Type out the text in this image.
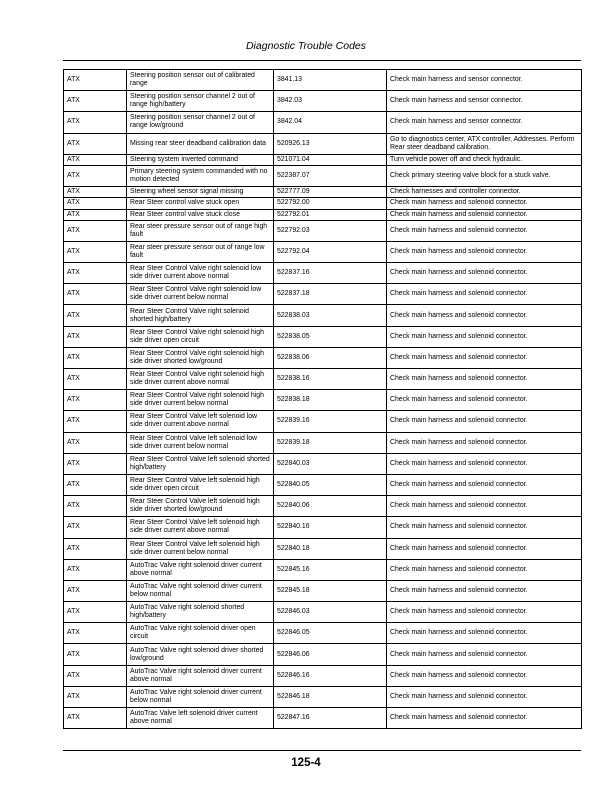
Diagnostic Trouble Codes
ATX	Steering position sensor out of calibrated range	3841.13	Check main harness and sensor connector.
ATX	Steering position sensor channel 2 out of range high/battery	3842.03	Check main harness and sensor connector.
ATX	Steering position sensor channel 2 out of range low/ground	3842.04	Check main harness and sensor connector.
ATX	Missing rear steer deadband calibration data	520926.13	Go to diagnostics center, ATX controller, Addresses. Perform Rear steer deadband calibration.
ATX	Steering system inverted command	521071.04	Turn vehicle power off and check hydraulic.
ATX	Primary steering system commanded with no motion detected	522387.07	Check primary steering valve block for a stuck valve.
ATX	Steering wheel sensor signal missing	522777.09	Check harnesses and controller connector.
ATX	Rear Steer control valve stuck open	522792.00	Check main harness and solenoid connector.
ATX	Rear Steer control valve stuck close	522792.01	Check main harness and solenoid connector.
ATX	Rear steer pressure sensor out of range high fault	522792.03	Check main harness and solenoid connector.
ATX	Rear steer pressure sensor out of range low fault	522792.04	Check main harness and solenoid connector.
ATX	Rear Steer Control Valve right solenoid low side driver current above normal	522837.16	Check main harness and solenoid connector.
ATX	Rear Steer Control Valve right solenoid low side driver current below normal	522837.18	Check main harness and solenoid connector.
ATX	Rear Steer Control Valve right solenoid shorted high/battery	522838.03	Check main harness and solenoid connector.
ATX	Rear Steer Control Valve right solenoid high side driver open circuit	522838.05	Check main harness and solenoid connector.
ATX	Rear Steer Control Valve right solenoid high side driver shorted low/ground	522838.06	Check main harness and solenoid connector.
ATX	Rear Steer Control Valve right solenoid high side driver current above normal	522838.16	Check main harness and solenoid connector.
ATX	Rear Steer Control Valve right solenoid high side driver current below normal	522838.18	Check main harness and solenoid connector.
ATX	Rear Steer Control Valve left solenoid low side driver current above normal	522839.16	Check main harness and solenoid connector.
ATX	Rear Steer Control Valve left solenoid low side driver current below normal	522839.18	Check main harness and solenoid connector.
ATX	Rear Steer Control Valve left solenoid shorted high/battery	522840.03	Check main harness and solenoid connector.
ATX	Rear Steer Control Valve left solenoid high side driver open circuit	522840.05	Check main harness and solenoid connector.
ATX	Rear Steer Control Valve left solenoid high side driver shorted low/ground	522840.06	Check main harness and solenoid connector.
ATX	Rear Steer Control Valve left solenoid high side driver current above normal	522840.16	Check main harness and solenoid connector.
ATX	Rear Steer Control Valve left solenoid high side driver current below normal	522840.18	Check main harness and solenoid connector.
ATX	AutoTrac Valve right solenoid driver current above normal	522845.16	Check main harness and solenoid connector.
ATX	AutoTrac Valve right solenoid driver current below normal	522845.18	Check main harness and solenoid connector.
ATX	AutoTrac Valve right solenoid shorted high/battery	522846.03	Check main harness and solenoid connector.
ATX	AutoTrac Valve right solenoid driver open circuit	522846.05	Check main harness and solenoid connector.
ATX	AutoTrac Valve right solenoid driver shorted low/ground	522846.06	Check main harness and solenoid connector.
ATX	AutoTrac Valve right solenoid driver current above normal	522846.16	Check main harness and solenoid connector.
ATX	AutoTrac Valve right solenoid driver current below normal	522846.18	Check main harness and solenoid connector.
ATX	AutoTrac Valve left solenoid driver current above normal	522847.16	Check main harness and solenoid connector.
125-4
